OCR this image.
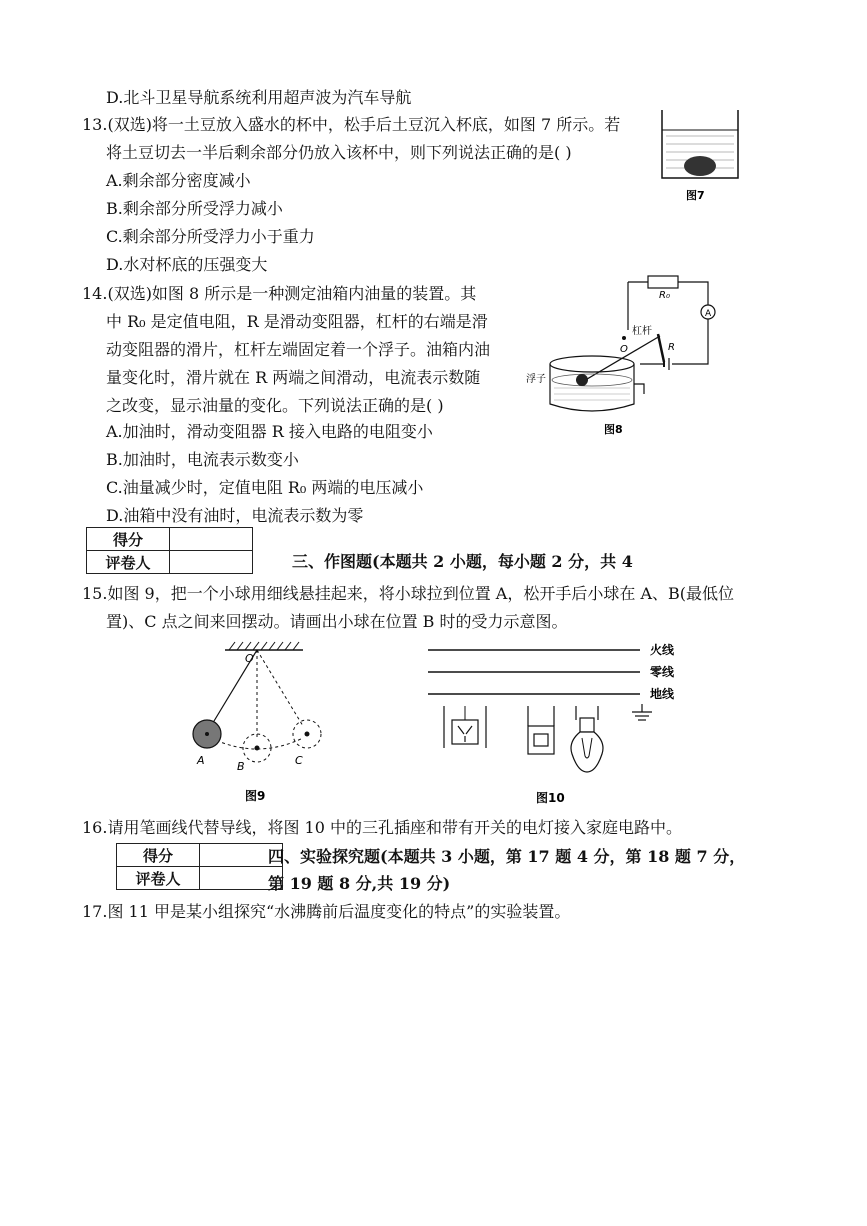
D.北斗卫星导航系统利用超声波为汽车导航
13.(双选)将一土豆放入盛水的杯中，松手后土豆沉入杯底，如图 7 所示。若
将土豆切去一半后剩余部分仍放入该杯中，则下列说法正确的是( )
A.剩余部分密度减小
B.剩余部分所受浮力减小
C.剩余部分所受浮力小于重力
D.水对杯底的压强变大
图7
14.(双选)如图 8 所示是一种测定油箱内油量的装置。其
中 R₀ 是定值电阻，R 是滑动变阻器，杠杆的右端是滑
动变阻器的滑片，杠杆左端固定着一个浮子。油箱内油
量变化时，滑片就在 R 两端之间滑动，电流表示数随
之改变，显示油量的变化。下列说法正确的是( )
A.加油时，滑动变阻器 R 接入电路的电阻变小
B.加油时，电流表示数变小
C.油量减少时，定值电阻 R₀ 两端的电压减小
D.油箱中没有油时，电流表示数为零
R₀
A
R
杠杆
O
浮子
图8
得分	
评卷人		三、作图题(本题共 2 小题，每小题 2 分，共 4
15.如图 9，把一个小球用细线悬挂起来，将小球拉到位置 A，松开手后小球在 A、B(最低位
置)、C 点之间来回摆动。请画出小球在位置 B 时的受力示意图。
O
A	B	C
图9
火线
零线
地线
图10
16.请用笔画线代替导线，将图 10 中的三孔插座和带有开关的电灯接入家庭电路中。
得分	
评卷人	
四、实验探究题(本题共 3 小题，第 17 题 4 分，第 18 题 7 分，
第 19 题 8 分,共 19 分)
17.图 11 甲是某小组探究“水沸腾前后温度变化的特点”的实验装置。
